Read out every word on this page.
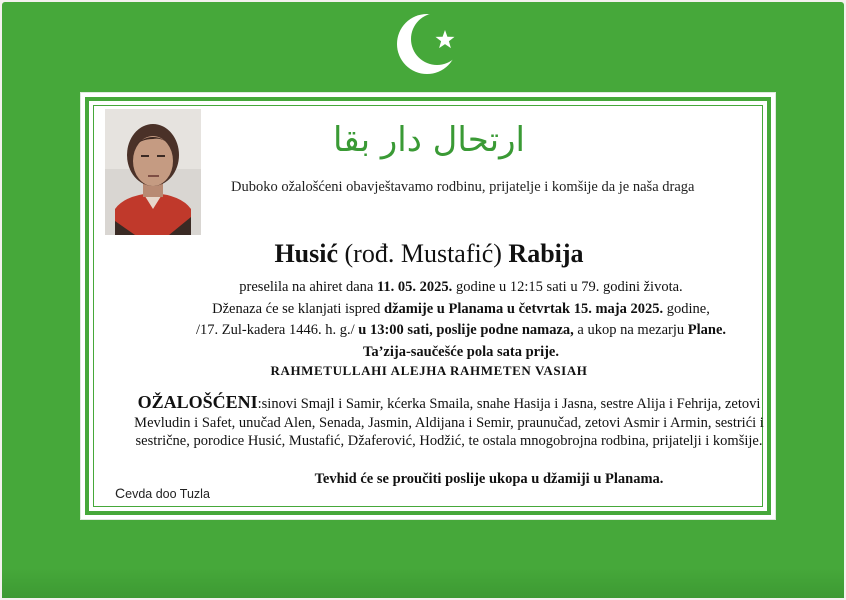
ارتحال دار بقا
Duboko ožalošćeni obavještavamo rodbinu, prijatelje i komšije da je naša draga
Husić (rođ. Mustafić) Rabija
preselila na ahiret dana 11. 05. 2025. godine u 12:15 sati u 79. godini života.
Dženaza će se klanjati ispred džamije u Planama u četvrtak 15. maja 2025. godine,
/17. Zul-kadera 1446. h. g./ u 13:00 sati, poslije podne namaza, a ukop na mezarju Plane.
Ta’zija-saučešće pola sata prije.
RAHMETULLAHI ALEJHA RAHMETEN VASIAH
OŽALOŠĆENI:sinovi Smajl i Samir, kćerka Smaila, snahe Hasija i Jasna, sestre Alija i Fehrija, zetovi Mevludin i Safet, unučad Alen, Senada, Jasmin, Aldijana i Semir, praunučad, zetovi Asmir i Armin, sestrići i sestrične, porodice Husić, Mustafić, Džaferović, Hodžić, te ostala mnogobrojna rodbina, prijatelji i komšije.
Tevhid će se proučiti poslije ukopa u džamiji u Planama.
Cevda doo Tuzla
